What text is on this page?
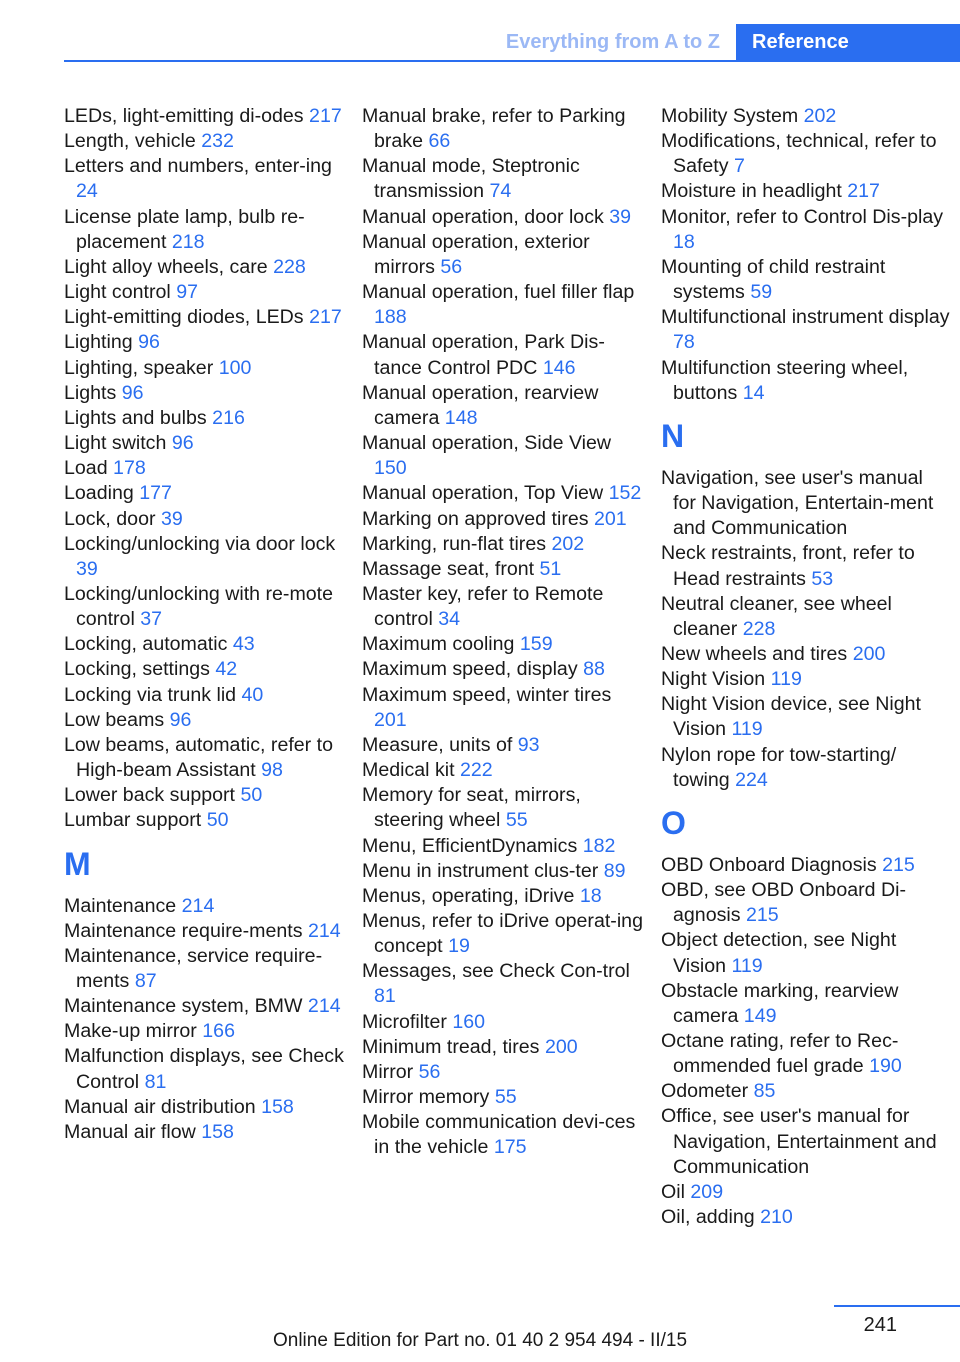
Everything from A to Z	Reference
LEDs, light-emitting di-odes 217
Length, vehicle 232
Letters and numbers, enter-ing 24
License plate lamp, bulb re-placement 218
Light alloy wheels, care 228
Light control 97
Light-emitting diodes, LEDs 217
Lighting 96
Lighting, speaker 100
Lights 96
Lights and bulbs 216
Light switch 96
Load 178
Loading 177
Lock, door 39
Locking/unlocking via door lock 39
Locking/unlocking with re-mote control 37
Locking, automatic 43
Locking, settings 42
Locking via trunk lid 40
Low beams 96
Low beams, automatic, refer to High-beam Assistant 98
Lower back support 50
Lumbar support 50
M
Maintenance 214
Maintenance require-ments 214
Maintenance, service require-ments 87
Maintenance system, BMW 214
Make-up mirror 166
Malfunction displays, see Check Control 81
Manual air distribution 158
Manual air flow 158
Manual brake, refer to Parking brake 66
Manual mode, Steptronic transmission 74
Manual operation, door lock 39
Manual operation, exterior mirrors 56
Manual operation, fuel filler flap 188
Manual operation, Park Dis-tance Control PDC 146
Manual operation, rearview camera 148
Manual operation, Side View 150
Manual operation, Top View 152
Marking on approved tires 201
Marking, run-flat tires 202
Massage seat, front 51
Master key, refer to Remote control 34
Maximum cooling 159
Maximum speed, display 88
Maximum speed, winter tires 201
Measure, units of 93
Medical kit 222
Memory for seat, mirrors, steering wheel 55
Menu, EfficientDynamics 182
Menu in instrument clus-ter 89
Menus, operating, iDrive 18
Menus, refer to iDrive operat-ing concept 19
Messages, see Check Con-trol 81
Microfilter 160
Minimum tread, tires 200
Mirror 56
Mirror memory 55
Mobile communication devi-ces in the vehicle 175
Mobility System 202
Modifications, technical, refer to Safety 7
Moisture in headlight 217
Monitor, refer to Control Dis-play 18
Mounting of child restraint systems 59
Multifunctional instrument display 78
Multifunction steering wheel, buttons 14
N
Navigation, see user's manual for Navigation, Entertain-ment and Communication
Neck restraints, front, refer to Head restraints 53
Neutral cleaner, see wheel cleaner 228
New wheels and tires 200
Night Vision 119
Night Vision device, see Night Vision 119
Nylon rope for tow-starting/ towing 224
O
OBD Onboard Diagnosis 215
OBD, see OBD Onboard Di-agnosis 215
Object detection, see Night Vision 119
Obstacle marking, rearview camera 149
Octane rating, refer to Rec-ommended fuel grade 190
Odometer 85
Office, see user's manual for Navigation, Entertainment and Communication
Oil 209
Oil, adding 210
241
Online Edition for Part no. 01 40 2 954 494 - II/15
